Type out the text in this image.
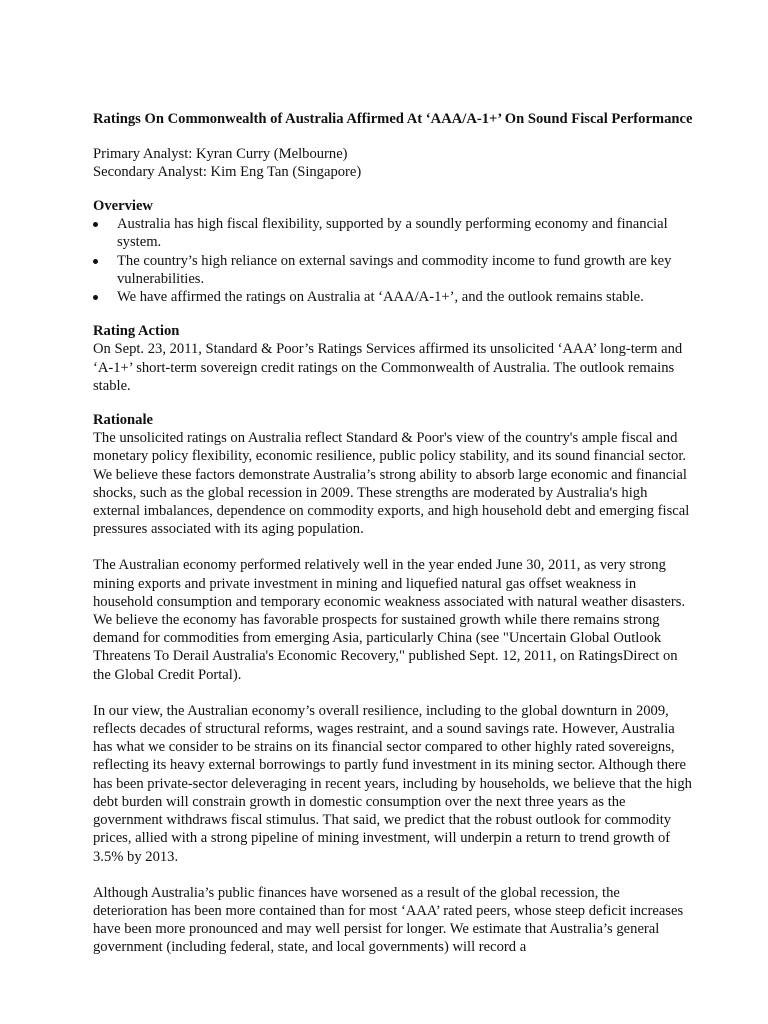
Ratings On Commonwealth of Australia Affirmed At ‘AAA/A-1+’ On Sound Fiscal Performance

Primary Analyst: Kyran Curry (Melbourne)
Secondary Analyst: Kim Eng Tan (Singapore)
Overview
Australia has high fiscal flexibility, supported by a soundly performing economy and financial system.
The country’s high reliance on external savings and commodity income to fund growth are key vulnerabilities.
We have affirmed the ratings on Australia at ‘AAA/A-1+’, and the outlook remains stable.
Rating Action

On Sept. 23, 2011, Standard & Poor’s Ratings Services affirmed its unsolicited ‘AAA’ long-term and ‘A-1+’ short-term sovereign credit ratings on the Commonwealth of Australia. The outlook remains stable.

Rationale

The unsolicited ratings on Australia reflect Standard & Poor's view of the country's ample fiscal and monetary policy flexibility, economic resilience, public policy stability, and its sound financial sector. We believe these factors demonstrate Australia’s strong ability to absorb large economic and financial shocks, such as the global recession in 2009. These strengths are moderated by Australia's high external imbalances, dependence on commodity exports, and high household debt and emerging fiscal pressures associated with its aging population.

The Australian economy performed relatively well in the year ended June 30, 2011, as very strong mining exports and private investment in mining and liquefied natural gas offset weakness in household consumption and temporary economic weakness associated with natural weather disasters. We believe the economy has favorable prospects for sustained growth while there remains strong demand for commodities from emerging Asia, particularly China (see "Uncertain Global Outlook Threatens To Derail Australia's Economic Recovery," published Sept. 12, 2011, on RatingsDirect on the Global Credit Portal).

In our view, the Australian economy’s overall resilience, including to the global downturn in 2009, reflects decades of structural reforms, wages restraint, and a sound savings rate. However, Australia has what we consider to be strains on its financial sector compared to other highly rated sovereigns, reflecting its heavy external borrowings to partly fund investment in its mining sector. Although there has been private-sector deleveraging in recent years, including by households, we believe that the high debt burden will constrain growth in domestic consumption over the next three years as the government withdraws fiscal stimulus. That said, we predict that the robust outlook for commodity prices, allied with a strong pipeline of mining investment, will underpin a return to trend growth of 3.5% by 2013.

Although Australia’s public finances have worsened as a result of the global recession, the deterioration has been more contained than for most ‘AAA’ rated peers, whose steep deficit increases have been more pronounced and may well persist for longer. We estimate that Australia’s general government (including federal, state, and local governments) will record a
